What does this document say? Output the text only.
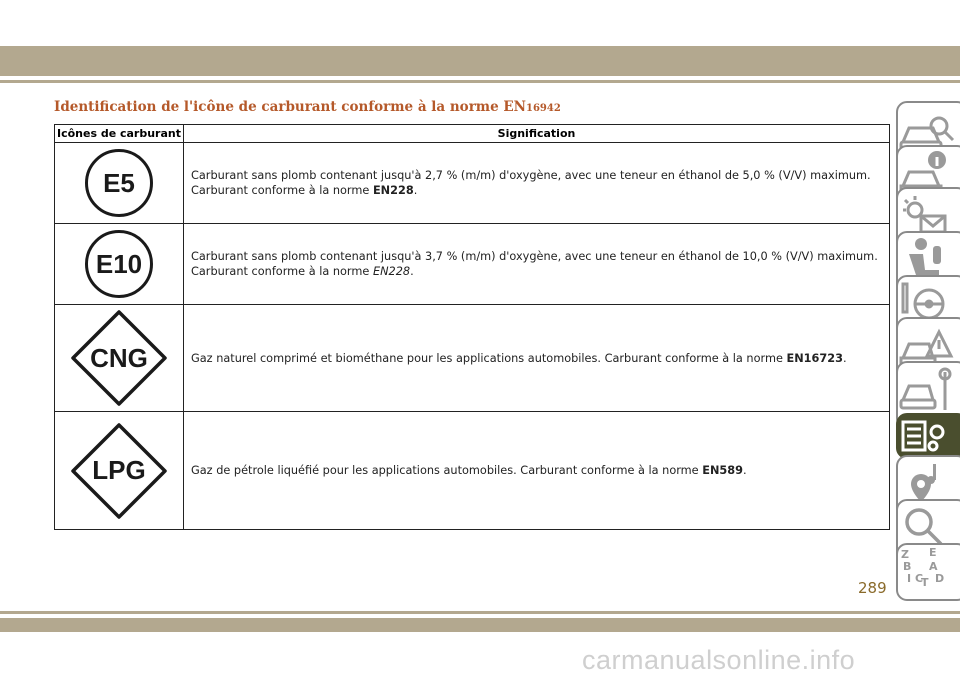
Identification de l'icône de carburant conforme à la norme EN16942
Icônes de carburant	Signification

E5	Carburant sans plomb contenant jusqu'à 2,7 % (m/m) d'oxygène, avec une teneur en éthanol de 5,0 % (V/V) maximum.
Carburant conforme à la norme EN228.

E10	Carburant sans plomb contenant jusqu'à 3,7 % (m/m) d'oxygène, avec une teneur en éthanol de 10,0 % (V/V) maximum.
Carburant conforme à la norme EN228.

CNG	Gaz naturel comprimé et biométhane pour les applications automobiles. Carburant conforme à la norme EN16723.

LPG	Gaz de pétrole liquéfié pour les applications automobiles. Carburant conforme à la norme EN589.
Z E
B A
I C
T D
289
carmanualsonline.info
